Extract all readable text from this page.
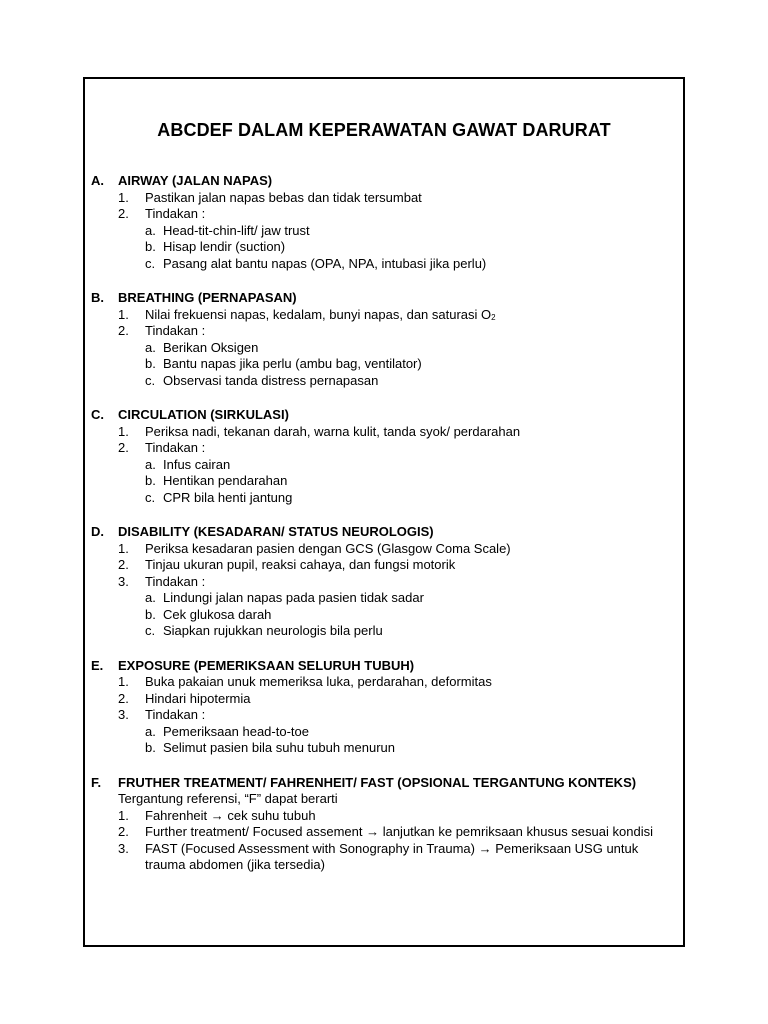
ABCDEF DALAM KEPERAWATAN GAWAT DARURAT
A.	AIRWAY (JALAN NAPAS)
1. Pastikan jalan napas bebas dan tidak tersumbat
2. Tindakan :
a. Head-tit-chin-lift/ jaw trust
b. Hisap lendir (suction)
c. Pasang alat bantu napas (OPA, NPA, intubasi jika perlu)
B.	BREATHING (PERNAPASAN)
1. Nilai frekuensi napas, kedalam, bunyi napas, dan saturasi $O_2$
2. Tindakan :
a. Berikan Oksigen
b. Bantu napas jika perlu (ambu bag, ventilator)
c. Observasi tanda distress pernapasan
C.	CIRCULATION (SIRKULASI)
1. Periksa nadi, tekanan darah, warna kulit, tanda syok/ perdarahan
2. Tindakan :
a. Infus cairan
b. Hentikan pendarahan
c. CPR bila henti jantung
D.	DISABILITY (KESADARAN/ STATUS NEUROLOGIS)
1. Periksa kesadaran pasien dengan GCS (Glasgow Coma Scale)
2. Tinjau ukuran pupil, reaksi cahaya, dan fungsi motorik
3. Tindakan :
a. Lindungi jalan napas pada pasien tidak sadar
b. Cek glukosa darah
c. Siapkan rujukkan neurologis bila perlu
E.	EXPOSURE (PEMERIKSAAN SELURUH TUBUH)
1. Buka pakaian unuk memeriksa luka, perdarahan, deformitas
2. Hindari hipotermia
3. Tindakan :
a. Pemeriksaan head-to-toe
b. Selimut pasien bila suhu tubuh menurun
F.	FRUTHER TREATMENT/ FAHRENHEIT/ FAST (OPSIONAL TERGANTUNG KONTEKS)
Tergantung referensi, “F” dapat berarti
1. Fahrenheit → cek suhu tubuh
2. Further treatment/ Focused assement → lanjutkan ke pemriksaan khusus sesuai kondisi
3. FAST (Focused Assessment with Sonography in Trauma) → Pemeriksaan USG untuk trauma abdomen (jika tersedia)
